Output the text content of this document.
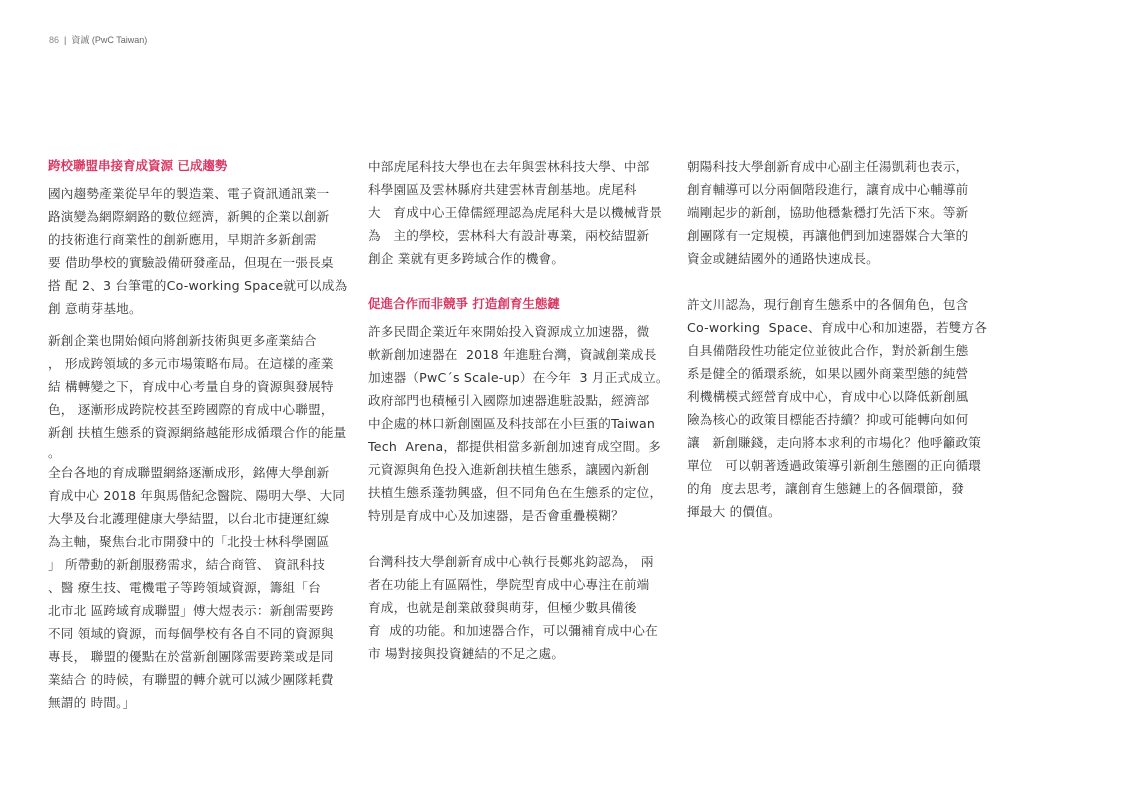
86 | 資誠 (PwC Taiwan)
跨校聯盟串接育成資源 已成趨勢
國內趨勢產業從早年的製造業、電子資訊通訊業一
路演變為網際網路的數位經濟，新興的企業以創新
的技術進行商業性的創新應用，早期許多新創需
要 借助學校的實驗設備研發產品，但現在一張長桌
搭 配 2、3 台筆電的Co-working Space就可以成為
創 意萌芽基地。
新創企業也開始傾向將創新技術與更多產業結合
， 形成跨領域的多元市場策略布局。在這樣的產業
結 構轉變之下，育成中心考量自身的資源與發展特
色， 逐漸形成跨院校甚至跨國際的育成中心聯盟，
新創 扶植生態系的資源網絡越能形成循環合作的能量
。
全台各地的育成聯盟網絡逐漸成形，銘傳大學創新
育成中心 2018 年與馬偕紀念醫院、陽明大學、大同
大學及台北護理健康大學結盟，以台北市捷運紅線
為主軸，聚焦台北市開發中的「北投士林科學園區
」 所帶動的新創服務需求，結合商管、 資訊科技
、醫 療生技、電機電子等跨領域資源，籌組「台
北市北 區跨域育成聯盟」傅大煜表示：新創需要跨
不同 領域的資源，而每個學校有各自不同的資源與
專長， 聯盟的優點在於當新創團隊需要跨業或是同
業結合 的時候，有聯盟的轉介就可以減少團隊耗費
無謂的 時間。」
中部虎尾科技大學也在去年與雲林科技大學、中部
科學園區及雲林縣府共建雲林青創基地。虎尾科
大   育成中心王偉儒經理認為虎尾科大是以機械背景
為   主的學校，雲林科大有設計專業，兩校結盟新
創企 業就有更多跨域合作的機會。
促進合作而非競爭 打造創育生態鏈
許多民間企業近年來開始投入資源成立加速器，微
軟新創加速器在  2018 年進駐台灣，資誠創業成長
加速器（PwC´s Scale-up）在今年  3 月正式成立。
政府部門也積極引入國際加速器進駐設點，經濟部
中企處的林口新創園區及科技部在小巨蛋的Taiwan
Tech  Arena，都提供相當多新創加速育成空間。多
元資源與角色投入進新創扶植生態系，讓國內新創
扶植生態系蓬勃興盛，但不同角色在生態系的定位，
特別是育成中心及加速器，是否會重疊模糊？
台灣科技大學創新育成中心執行長鄭兆鈞認為， 兩
者在功能上有區隔性，學院型育成中心專注在前端
育成，也就是創業啟發與萌芽，但極少數具備後
育  成的功能。和加速器合作，可以彌補育成中心在
市 場對接與投資鏈結的不足之處。
朝陽科技大學創新育成中心副主任湯凱莉也表示，
創育輔導可以分兩個階段進行，讓育成中心輔導前
端剛起步的新創，協助他穩紮穩打先活下來。等新
創團隊有一定規模，再讓他們到加速器媒合大筆的
資金或鏈結國外的通路快速成長。
許文川認為，現行創育生態系中的各個角色，包含
Co-working  Space、育成中心和加速器，若雙方各
自具備階段性功能定位並彼此合作，對於新創生態
系是健全的循環系統，如果以國外商業型態的純營
利機構模式經營育成中心，育成中心以降低新創風
險為核心的政策目標能否持續？抑或可能轉向如何
讓   新創賺錢，走向將本求利的市場化？他呼籲政策
單位   可以朝著透過政策導引新創生態圈的正向循環
的角  度去思考，讓創育生態鏈上的各個環節，發
揮最大 的價值。
